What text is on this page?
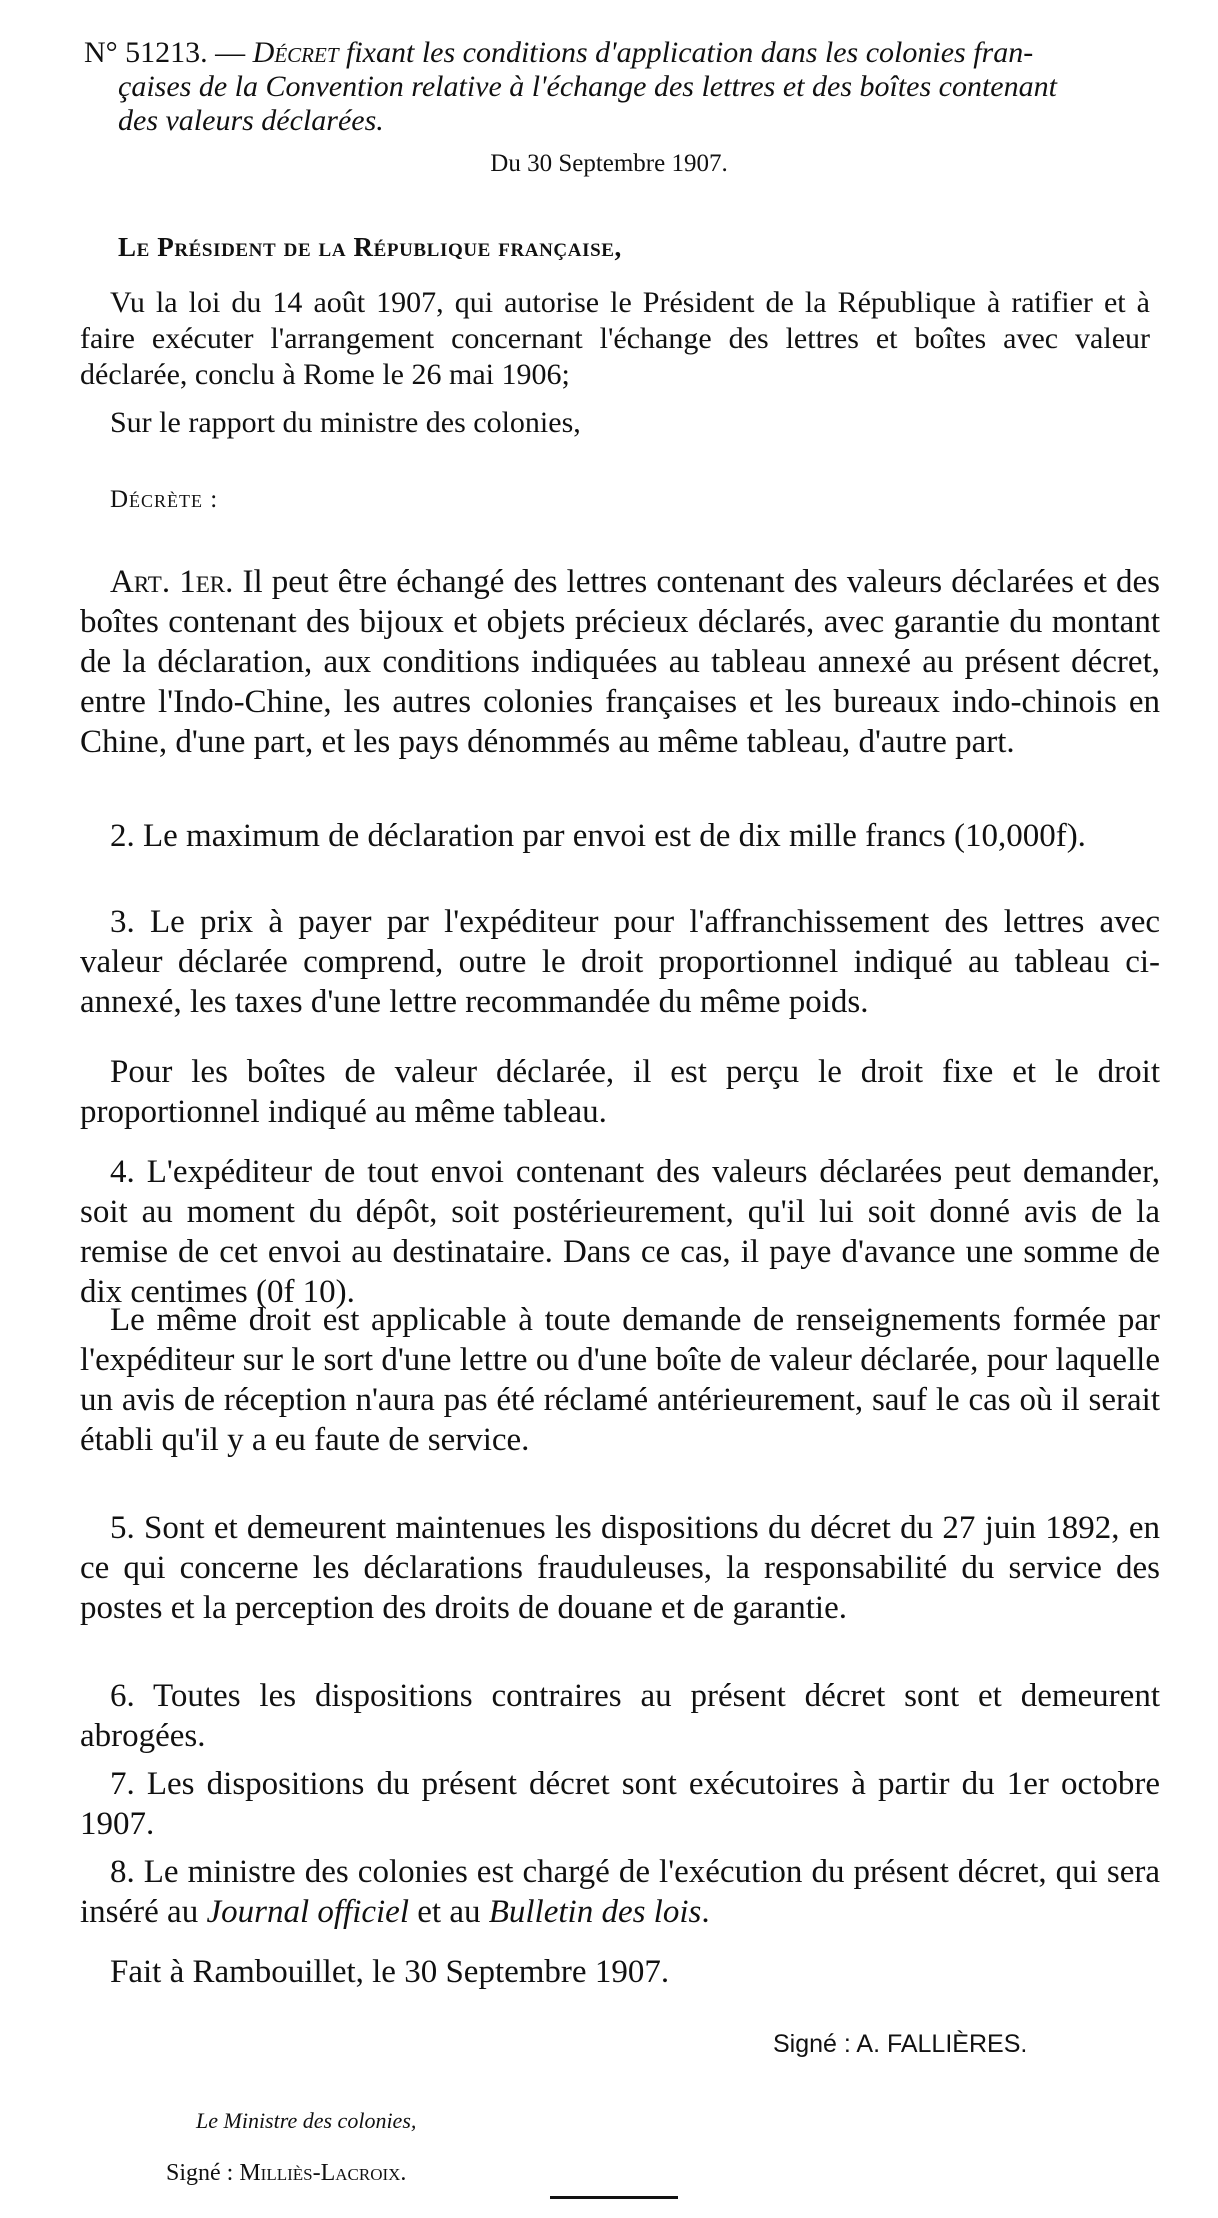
N° 51213. — Décret fixant les conditions d'application dans les colonies fran-

çaises de la Convention relative à l'échange des lettres et des boîtes contenant
des valeurs déclarées.
Du 30 Septembre 1907.
Le Président de la République française,
Vu la loi du 14 août 1907, qui autorise le Président de la République à ratifier et à faire exécuter l'arrangement concernant l'échange des lettres et boîtes avec valeur déclarée, conclu à Rome le 26 mai 1906;
Sur le rapport du ministre des colonies,
Décrète :
Art. 1er. Il peut être échangé des lettres contenant des valeurs déclarées et des boîtes contenant des bijoux et objets précieux déclarés, avec garantie du montant de la déclaration, aux conditions indiquées au tableau annexé au présent décret, entre l'Indo-Chine, les autres colonies françaises et les bureaux indo-chinois en Chine, d'une part, et les pays dénommés au même tableau, d'autre part.
2. Le maximum de déclaration par envoi est de dix mille francs (10,000f).
3. Le prix à payer par l'expéditeur pour l'affranchissement des lettres avec valeur déclarée comprend, outre le droit proportionnel indiqué au tableau ci-annexé, les taxes d'une lettre recommandée du même poids.
Pour les boîtes de valeur déclarée, il est perçu le droit fixe et le droit proportionnel indiqué au même tableau.
4. L'expéditeur de tout envoi contenant des valeurs déclarées peut demander, soit au moment du dépôt, soit postérieurement, qu'il lui soit donné avis de la remise de cet envoi au destinataire. Dans ce cas, il paye d'avance une somme de dix centimes (0f 10).
Le même droit est applicable à toute demande de renseignements formée par l'expéditeur sur le sort d'une lettre ou d'une boîte de valeur déclarée, pour laquelle un avis de réception n'aura pas été réclamé antérieurement, sauf le cas où il serait établi qu'il y a eu faute de service.
5. Sont et demeurent maintenues les dispositions du décret du 27 juin 1892, en ce qui concerne les déclarations frauduleuses, la responsabilité du service des postes et la perception des droits de douane et de garantie.
6. Toutes les dispositions contraires au présent décret sont et demeurent abrogées.
7. Les dispositions du présent décret sont exécutoires à partir du 1er octobre 1907.
8. Le ministre des colonies est chargé de l'exécution du présent décret, qui sera inséré au Journal officiel et au Bulletin des lois.
Fait à Rambouillet, le 30 Septembre 1907.
Signé : A. FALLIÈRES.
Le Ministre des colonies,
Signé : Milliès-Lacroix.
